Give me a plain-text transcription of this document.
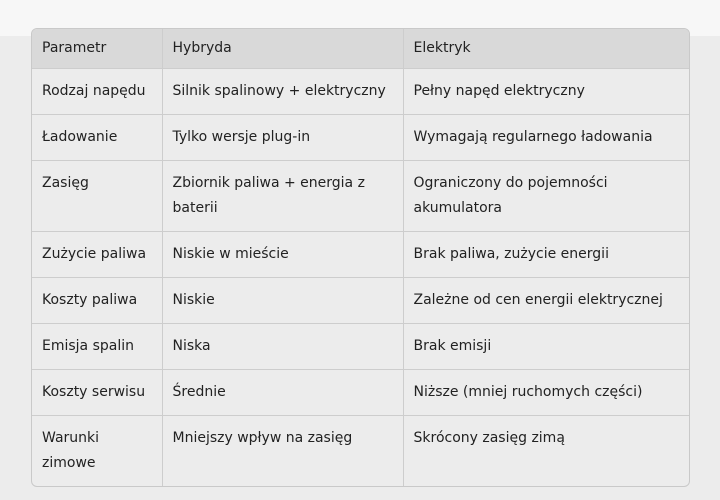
Parametr	Hybryda	Elektryk
Rodzaj napędu	Silnik spalinowy + elektryczny	Pełny napęd elektryczny
Ładowanie	Tylko wersje plug-in	Wymagają regularnego ładowania
Zasięg	Zbiornik paliwa + energia z baterii	Ograniczony do pojemności akumulatora
Zużycie paliwa	Niskie w mieście	Brak paliwa, zużycie energii
Koszty paliwa	Niskie	Zależne od cen energii elektrycznej
Emisja spalin	Niska	Brak emisji
Koszty serwisu	Średnie	Niższe (mniej ruchomych części)
Warunki zimowe	Mniejszy wpływ na zasięg	Skrócony zasięg zimą
